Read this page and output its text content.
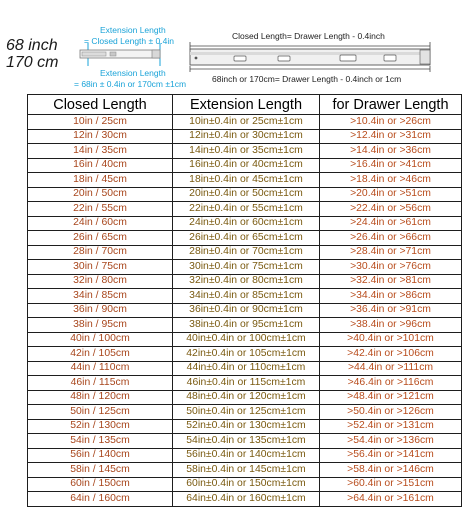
68 inch
170 cm
Extension Length
= Closed Length ± 0.4in
Extension Length
= 68in ± 0.4in or 170cm ±1cm
Closed Length= Drawer Length - 0.4inch
68inch or 170cm= Drawer Length - 0.4inch or 1cm
Closed Length	Extension Length	for Drawer Length
10in / 25cm	10in±0.4in or 25cm±1cm	>10.4in or >26cm
12in / 30cm	12in±0.4in or 30cm±1cm	>12.4in or >31cm
14in / 35cm	14in±0.4in or 35cm±1cm	>14.4in or >36cm
16in / 40cm	16in±0.4in or 40cm±1cm	>16.4in or >41cm
18in / 45cm	18in±0.4in or 45cm±1cm	>18.4in or >46cm
20in / 50cm	20in±0.4in or 50cm±1cm	>20.4in or >51cm
22in / 55cm	22in±0.4in or 55cm±1cm	>22.4in or >56cm
24in / 60cm	24in±0.4in or 60cm±1cm	>24.4in or >61cm
26in / 65cm	26in±0.4in or 65cm±1cm	>26.4in or >66cm
28in / 70cm	28in±0.4in or 70cm±1cm	>28.4in or >71cm
30in / 75cm	30in±0.4in or 75cm±1cm	>30.4in or >76cm
32in / 80cm	32in±0.4in or 80cm±1cm	>32.4in or >81cm
34in / 85cm	34in±0.4in or 85cm±1cm	>34.4in or >86cm
36in / 90cm	36in±0.4in or 90cm±1cm	>36.4in or >91cm
38in / 95cm	38in±0.4in or 95cm±1cm	>38.4in or >96cm
40in / 100cm	40in±0.4in or 100cm±1cm	>40.4in or >101cm
42in / 105cm	42in±0.4in or 105cm±1cm	>42.4in or >106cm
44in / 110cm	44in±0.4in or 110cm±1cm	>44.4in or >111cm
46in / 115cm	46in±0.4in or 115cm±1cm	>46.4in or >116cm
48in / 120cm	48in±0.4in or 120cm±1cm	>48.4in or >121cm
50in / 125cm	50in±0.4in or 125cm±1cm	>50.4in or >126cm
52in / 130cm	52in±0.4in or 130cm±1cm	>52.4in or >131cm
54in / 135cm	54in±0.4in or 135cm±1cm	>54.4in or >136cm
56in / 140cm	56in±0.4in or 140cm±1cm	>56.4in or >141cm
58in / 145cm	58in±0.4in or 145cm±1cm	>58.4in or >146cm
60in / 150cm	60in±0.4in or 150cm±1cm	>60.4in or >151cm
64in / 160cm	64in±0.4in or 160cm±1cm	>64.4in or >161cm
